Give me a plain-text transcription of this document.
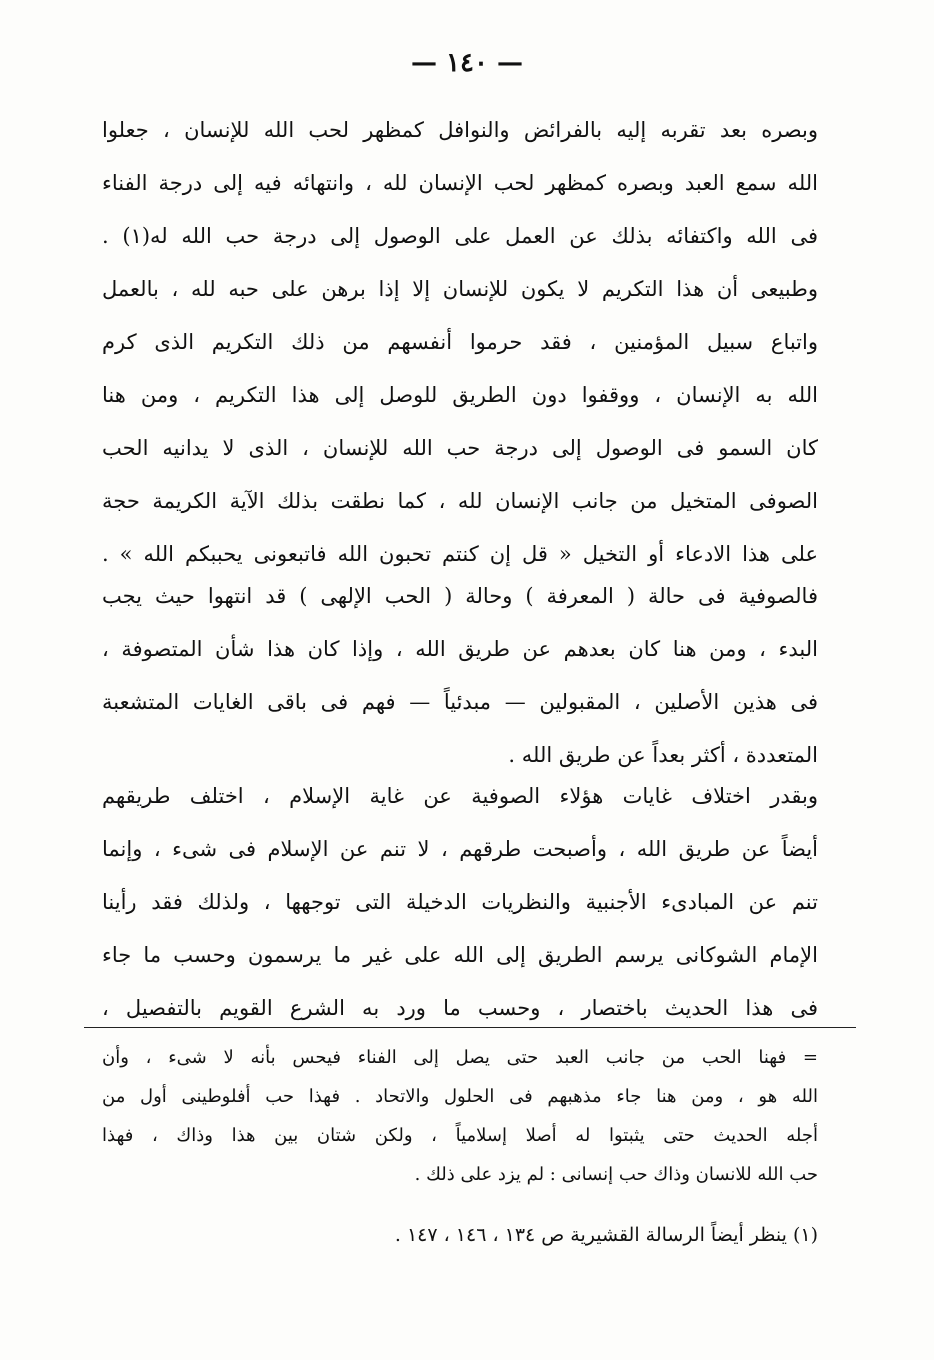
— ١٤٠ —
وبصره بعد تقربه إليه بالفرائض والنوافل كمظهر لحب الله للإنسان ، جعلوا
الله سمع العبد وبصره كمظهر لحب الإنسان لله ، وانتهائه فيه إلى درجة الفناء
فى الله واكتفائه بذلك عن العمل على الوصول إلى درجة حب الله له(١) .
وطبيعى أن هذا التكريم لا يكون للإنسان إلا إذا برهن على حبه لله ، بالعمل
واتباع سبيل المؤمنين ، فقد حرموا أنفسهم من ذلك التكريم الذى كرم
الله به الإنسان ، ووقفوا دون الطريق للوصل إلى هذا التكريم ، ومن هنا
كان السمو فى الوصول إلى درجة حب الله للإنسان ، الذى لا يدانيه الحب
الصوفى المتخيل من جانب الإنسان لله ، كما نطقت بذلك الآية الكريمة حجة
على هذا الادعاء أو التخيل « قل إن كنتم تحبون الله فاتبعونى يحببكم الله » .
فالصوفية فى حالة ( المعرفة ) وحالة ( الحب الإلهى ) قد انتهوا حيث يجب
البدء ، ومن هنا كان بعدهم عن طريق الله ، وإذا كان هذا شأن المتصوفة ،
فى هذين الأصلين ، المقبولين — مبدئياً — فهم فى باقى الغايات المتشعبة
المتعددة ، أكثر بعداً عن طريق الله .
وبقدر اختلاف غايات هؤلاء الصوفية عن غاية الإسلام ، اختلف طريقهم
أيضاً عن طريق الله ، وأصبحت طرقهم ، لا تنم عن الإسلام فى شىء ، وإنما
تنم عن المبادىء الأجنبية والنظريات الدخيلة التى توجهها ، ولذلك فقد رأينا
الإمام الشوكانى يرسم الطريق إلى الله على غير ما يرسمون وحسب ما جاء
فى هذا الحديث باختصار ، وحسب ما ورد به الشرع القويم بالتفصيل ،
= فهنا الحب من جانب العبد حتى يصل إلى الفناء فيحس بأنه لا شىء ، وأن
الله هو ، ومن هنا جاء مذهبهم فى الحلول والاتحاد . فهذا حب أفلوطينى أول من
أجله الحديث حتى يثبتوا له أصلا إسلامياً ، ولكن شتان بين هذا وذاك ، فهذا
حب الله للانسان وذاك حب إنسانى : لم يزد على ذلك .
(١) ينظر أيضاً الرسالة القشيرية ص ١٣٤ ، ١٤٦ ، ١٤٧ .
